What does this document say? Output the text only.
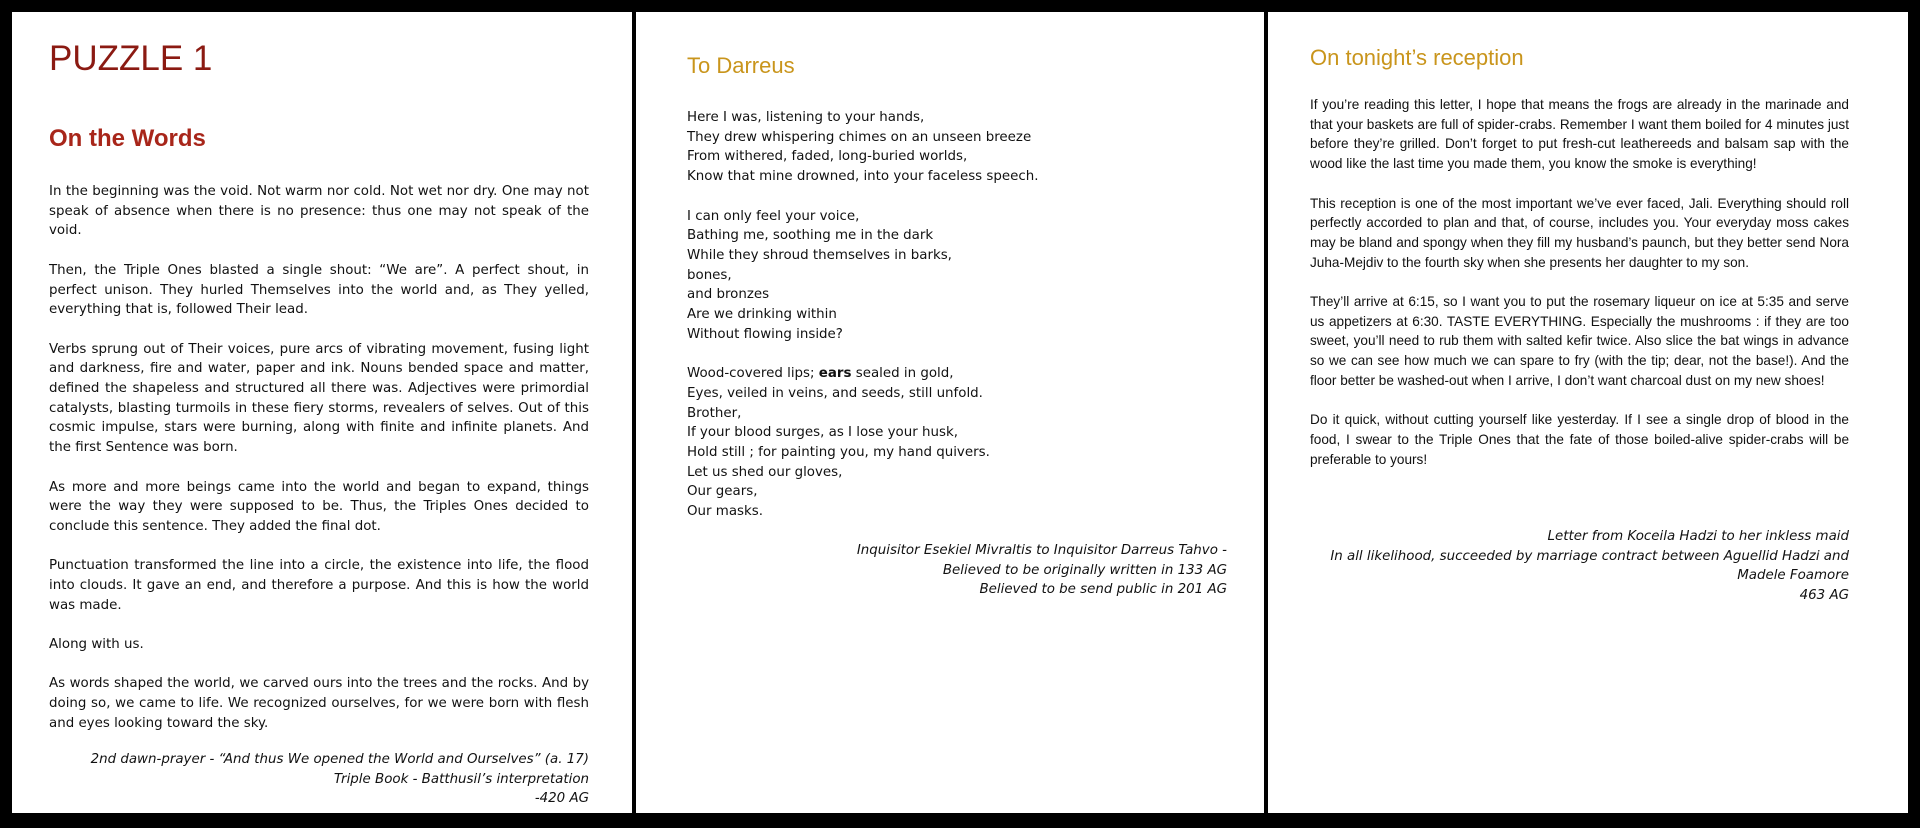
PUZZLE 1
On the Words

In the beginning was the void. Not warm nor cold. Not wet nor dry. One may not speak of absence when there is no presence: thus one may not speak of the void.

Then, the Triple Ones blasted a single shout: “We are”. A perfect shout, in perfect unison. They hurled Themselves into the world and, as They yelled, everything that is, followed Their lead.

Verbs sprung out of Their voices, pure arcs of vibrating movement, fusing light and darkness, fire and water, paper and ink. Nouns bended space and matter, defined the shapeless and structured all there was. Adjectives were primordial catalysts, blasting turmoils in these fiery storms, revealers of selves. Out of this cosmic impulse, stars were burning, along with finite and infinite planets. And the first Sentence was born.

As more and more beings came into the world and began to expand, things were the way they were supposed to be. Thus, the Triples Ones decided to conclude this sentence. They added the final dot.

Punctuation transformed the line into a circle, the existence into life, the flood into clouds. It gave an end, and therefore a purpose. And this is how the world was made.

Along with us.

As words shaped the world, we carved ours into the trees and the rocks. And by doing so, we came to life. We recognized ourselves, for we were born with flesh and eyes looking toward the sky.

2nd dawn-prayer - “And thus We opened the World and Ourselves” (a. 17)
Triple Book - Batthusil’s interpretation
-420 AG
To Darreus
Here I was, listening to your hands,
They drew whispering chimes on an unseen breeze
From withered, faded, long-buried worlds,
Know that mine drowned, into your faceless speech.
I can only feel your voice,
Bathing me, soothing me in the dark
While they shroud themselves in barks,
bones,
and bronzes
Are we drinking within
Without flowing inside?
Wood-covered lips; ears sealed in gold,
Eyes, veiled in veins, and seeds, still unfold.
Brother,
If your blood surges, as I lose your husk,
Hold still ; for painting you, my hand quivers.
Let us shed our gloves,
Our gears,
Our masks.
Inquisitor Esekiel Mivraltis to Inquisitor Darreus Tahvo -
Believed to be originally written in 133 AG
Believed to be send public in 201 AG
On tonight’s reception

If you’re reading this letter, I hope that means the frogs are already in the marinade and that your baskets are full of spider-crabs. Remember I want them boiled for 4 minutes just before they’re grilled. Don’t forget to put fresh-cut leathereeds and balsam sap with the wood like the last time you made them, you know the smoke is everything!

This reception is one of the most important we’ve ever faced, Jali. Everything should roll perfectly accorded to plan and that, of course, includes you. Your everyday moss cakes may be bland and spongy when they fill my husband’s paunch, but they better send Nora Juha-Mejdiv to the fourth sky when she presents her daughter to my son.

They’ll arrive at 6:15, so I want you to put the rosemary liqueur on ice at 5:35 and serve us appetizers at 6:30. TASTE EVERYTHING. Especially the mushrooms : if they are too sweet, you’ll need to rub them with salted kefir twice. Also slice the bat wings in advance so we can see how much we can spare to fry (with the tip; dear, not the base!). And the floor better be washed-out when I arrive, I don’t want charcoal dust on my new shoes!

Do it quick, without cutting yourself like yesterday. If I see a single drop of blood in the food, I swear to the Triple Ones that the fate of those boiled-alive spider-crabs will be preferable to yours!

Letter from Koceila Hadzi to her inkless maid
In all likelihood, succeeded by marriage contract between Aguellid Hadzi and
Madele Foamore
463 AG
